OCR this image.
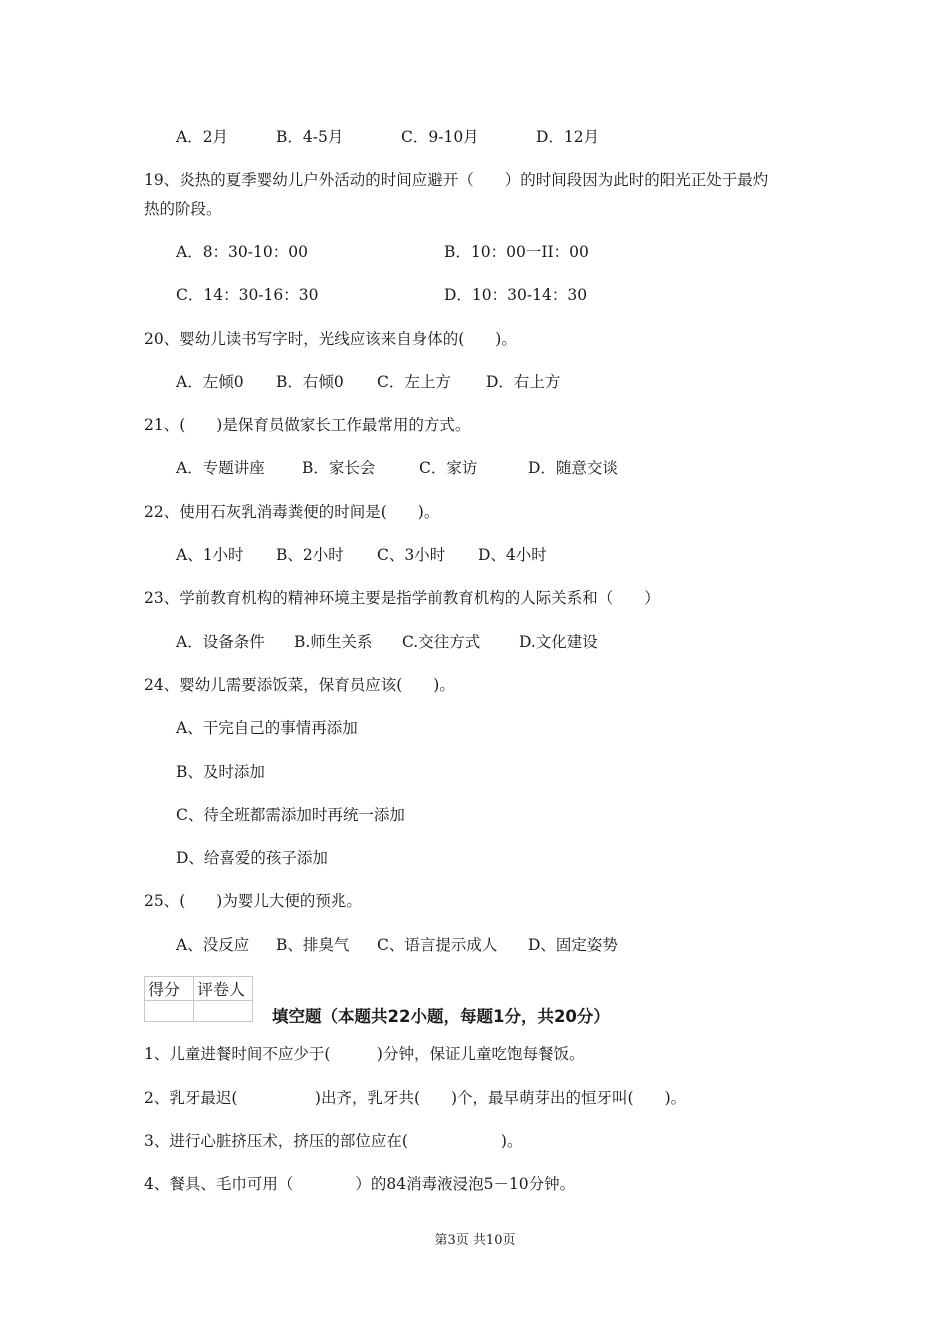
A．2月	B．4-5月	C．9-10月	D．12月
19、炎热的夏季婴幼儿户外活动的时间应避开（　　）的时间段因为此时的阳光正处于最灼
热的阶段。
A．8：30-10：00	B．10：00一II：00
C．14：30-16：30	D．10：30-14：30
20、婴幼儿读书写字时，光线应该来自身体的(　　)。
A．左倾0 B．右倾0 C．左上方 D．右上方
21、(　　)是保育员做家长工作最常用的方式。
A．专题讲座 B．家长会	C．家访	D．随意交谈
22、使用石灰乳消毒粪便的时间是(　　)。
A、1小时 B、2小时 C、3小时 D、4小时
23、学前教育机构的精神环境主要是指学前教育机构的人际关系和（　　）
A．设备条件 B.师生关系 C.交往方式	D.文化建设
24、婴幼儿需要添饭菜，保育员应该(　　)。
A、干完自己的事情再添加
B、及时添加
C、待全班都需添加时再统一添加
D、给喜爱的孩子添加
25、(　　)为婴儿大便的预兆。
A、没反应 B、排臭气 C、语言提示成人 D、固定姿势
得分	评卷人

填空题（本题共22小题，每题1分，共20分）
1、儿童进餐时间不应少于(　　　)分钟，保证儿童吃饱每餐饭。
2、乳牙最迟(　　　　　)出齐，乳牙共(　　)个，最早萌芽出的恒牙叫(　　)。
3、进行心脏挤压术，挤压的部位应在(　　　　　　)。
4、餐具、毛巾可用（　　　　）的84消毒液浸泡5－10分钟。
第3页 共10页
